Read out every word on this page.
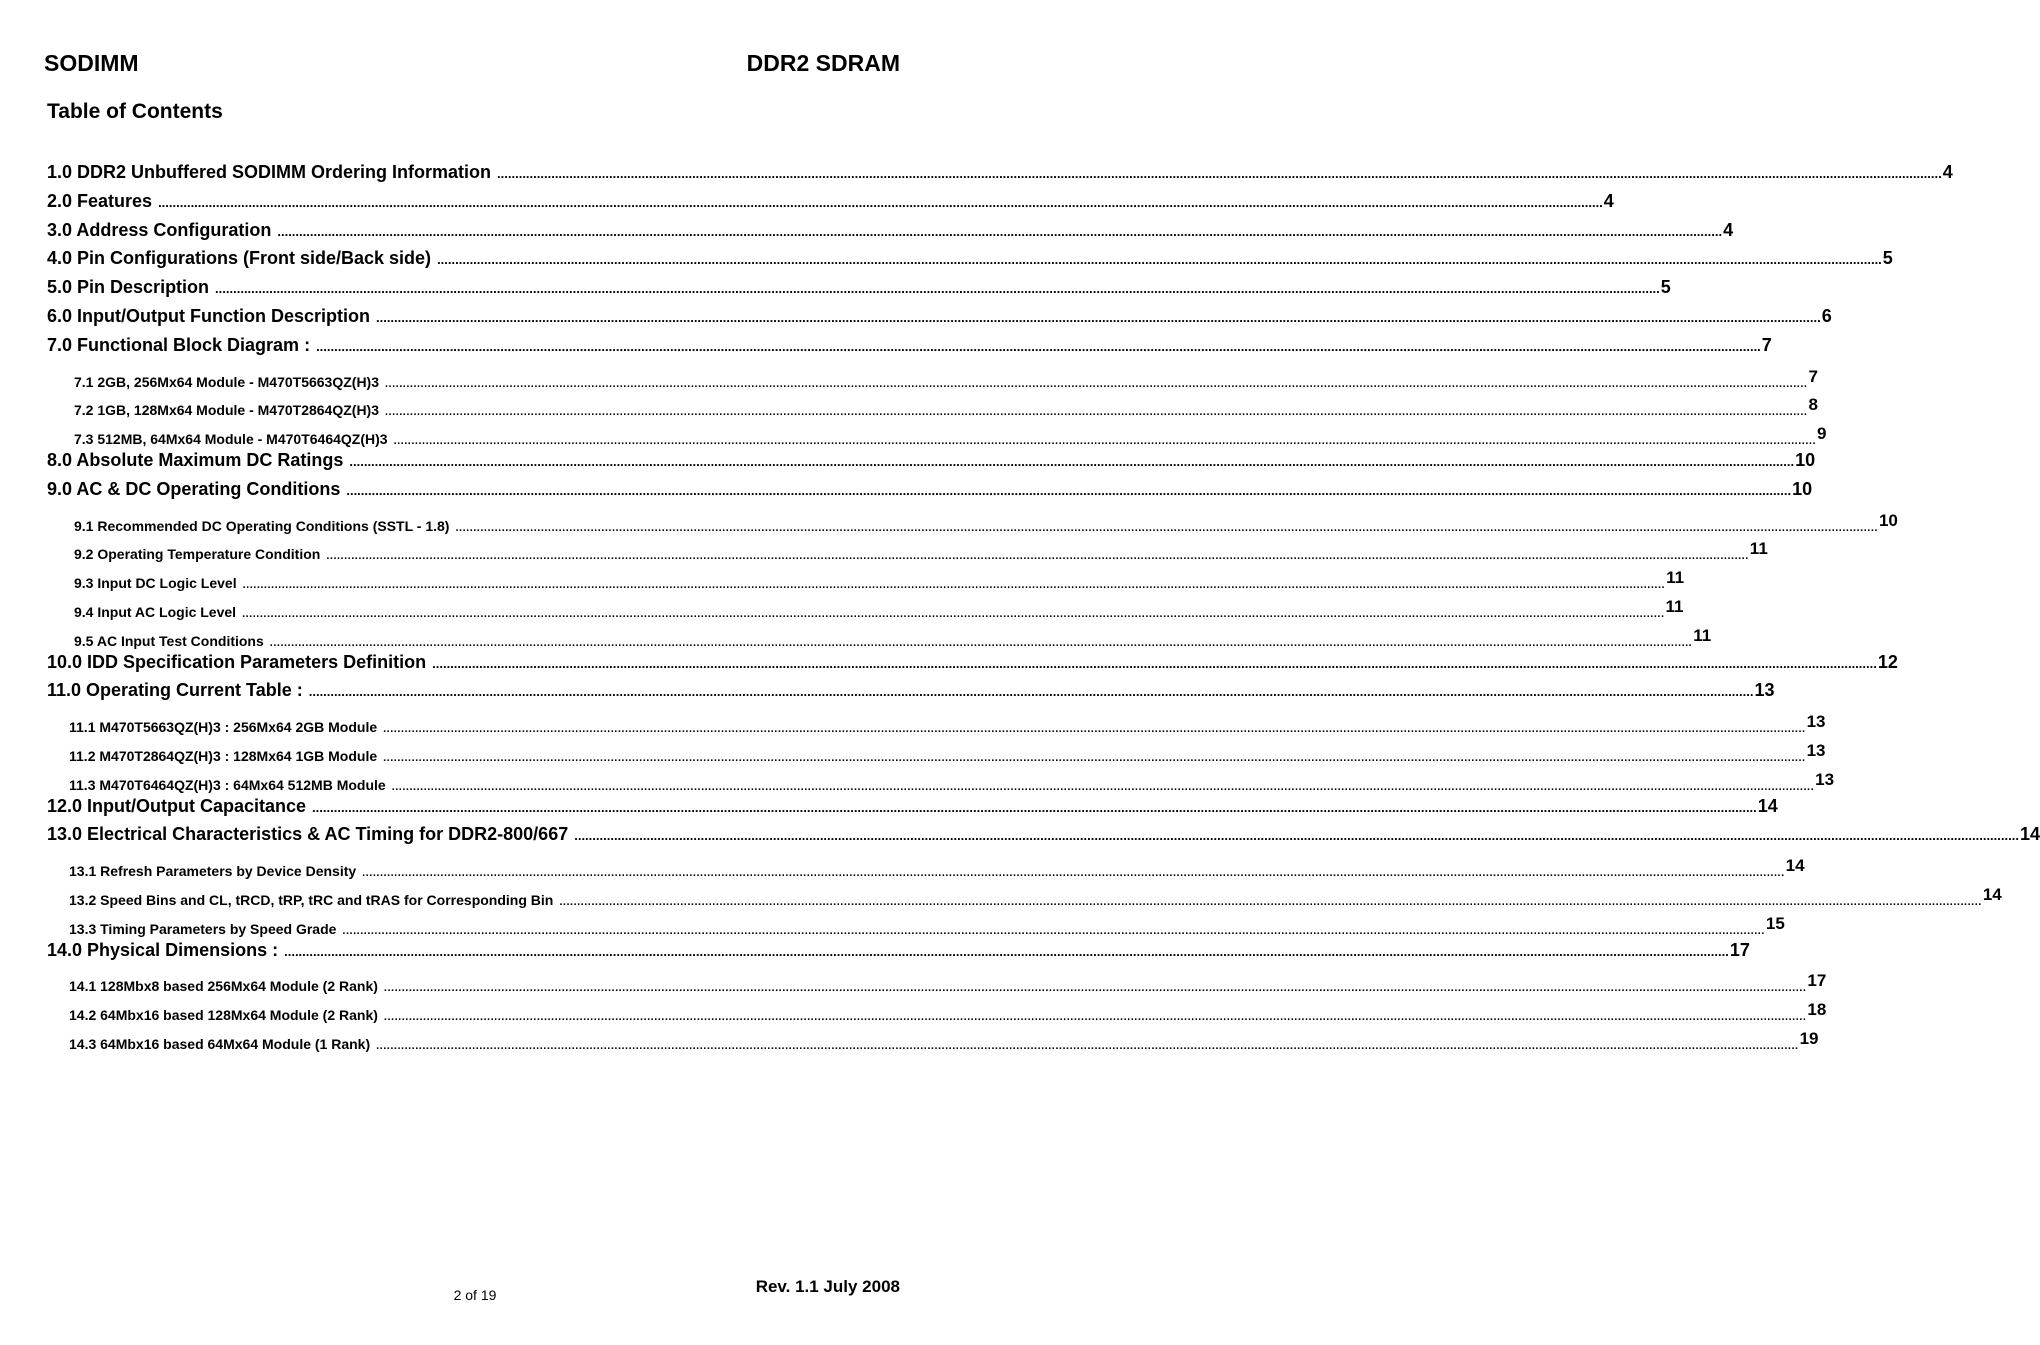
SODIMM	DDR2 SDRAM
Table of Contents
1.0 DDR2 Unbuffered SODIMM Ordering Information ................................................................................................................................................................................................................................................................................................................................................................................................................ 4
2.0 Features ................................................................................................................................................................................................................................................................................................................................................................................................................ 4
3.0 Address Configuration ................................................................................................................................................................................................................................................................................................................................................................................................................ 4
4.0 Pin Configurations (Front side/Back side) ................................................................................................................................................................................................................................................................................................................................................................................................................ 5
5.0 Pin Description ................................................................................................................................................................................................................................................................................................................................................................................................................ 5
6.0 Input/Output Function Description ................................................................................................................................................................................................................................................................................................................................................................................................................ 6
7.0 Functional Block Diagram : ................................................................................................................................................................................................................................................................................................................................................................................................................ 7
7.1 2GB, 256Mx64 Module - M470T5663QZ(H)3 ................................................................................................................................................................................................................................................................................................................................................................................................................ 7
7.2 1GB, 128Mx64 Module - M470T2864QZ(H)3 ................................................................................................................................................................................................................................................................................................................................................................................................................ 8
7.3 512MB, 64Mx64 Module - M470T6464QZ(H)3 ................................................................................................................................................................................................................................................................................................................................................................................................................ 9
8.0 Absolute Maximum DC Ratings ................................................................................................................................................................................................................................................................................................................................................................................................................ 10
9.0 AC & DC Operating Conditions ................................................................................................................................................................................................................................................................................................................................................................................................................ 10
9.1 Recommended DC Operating Conditions (SSTL - 1.8) ................................................................................................................................................................................................................................................................................................................................................................................................................ 10
9.2 Operating Temperature Condition ................................................................................................................................................................................................................................................................................................................................................................................................................ 11
9.3 Input DC Logic Level ................................................................................................................................................................................................................................................................................................................................................................................................................ 11
9.4 Input AC Logic Level ................................................................................................................................................................................................................................................................................................................................................................................................................ 11
9.5 AC Input Test Conditions ................................................................................................................................................................................................................................................................................................................................................................................................................ 11
10.0 IDD Specification Parameters Definition ................................................................................................................................................................................................................................................................................................................................................................................................................ 12
11.0 Operating Current Table : ................................................................................................................................................................................................................................................................................................................................................................................................................ 13
11.1 M470T5663QZ(H)3 : 256Mx64 2GB Module ................................................................................................................................................................................................................................................................................................................................................................................................................ 13
11.2 M470T2864QZ(H)3 : 128Mx64 1GB Module ................................................................................................................................................................................................................................................................................................................................................................................................................ 13
11.3 M470T6464QZ(H)3 : 64Mx64 512MB Module ................................................................................................................................................................................................................................................................................................................................................................................................................ 13
12.0 Input/Output Capacitance ................................................................................................................................................................................................................................................................................................................................................................................................................ 14
13.0 Electrical Characteristics & AC Timing for DDR2-800/667 ................................................................................................................................................................................................................................................................................................................................................................................................................ 14
13.1 Refresh Parameters by Device Density ................................................................................................................................................................................................................................................................................................................................................................................................................ 14
13.2 Speed Bins and CL, tRCD, tRP, tRC and tRAS for Corresponding Bin ................................................................................................................................................................................................................................................................................................................................................................................................................ 14
13.3 Timing Parameters by Speed Grade ................................................................................................................................................................................................................................................................................................................................................................................................................ 15
14.0 Physical Dimensions : ................................................................................................................................................................................................................................................................................................................................................................................................................ 17
14.1 128Mbx8 based 256Mx64 Module (2 Rank) ................................................................................................................................................................................................................................................................................................................................................................................................................ 17
14.2 64Mbx16 based 128Mx64 Module (2 Rank) ................................................................................................................................................................................................................................................................................................................................................................................................................ 18
14.3 64Mbx16 based 64Mx64 Module (1 Rank) ................................................................................................................................................................................................................................................................................................................................................................................................................ 19
2 of 19	Rev. 1.1 July 2008
